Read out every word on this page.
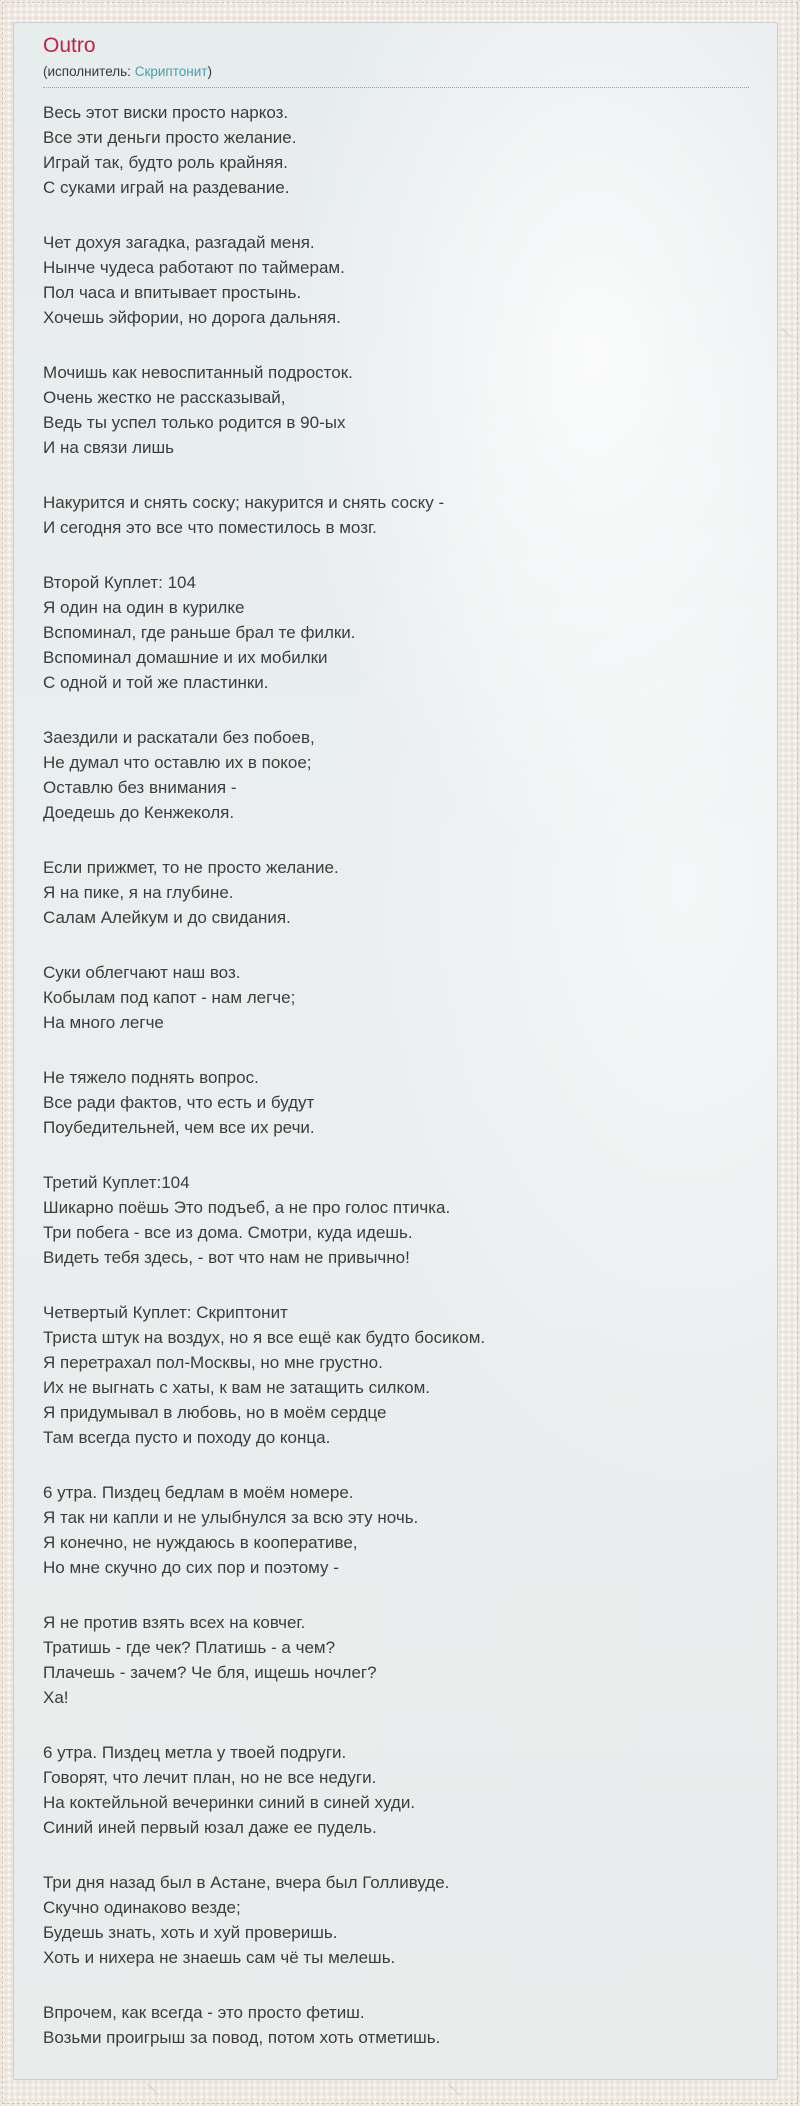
Outro
(исполнитель: Скриптонит)

Весь этот виски просто наркоз.
Все эти деньги просто желание.
Играй так, будто роль крайняя.
С суками играй на раздевание.

Чет дохуя загадка, разгадай меня.
Нынче чудеса работают по таймерам.
Пол часа и впитывает простынь.
Хочешь эйфории, но дорога дальняя.

Мочишь как невоспитанный подросток.
Очень жестко не рассказывай,
Ведь ты успел только родится в 90-ых
И на связи лишь

Накурится и снять соску; накурится и снять соску -
И сегодня это все что поместилось в мозг.

Второй Куплет: 104
Я один на один в курилке
Вспоминал, где раньше брал те филки.
Вспоминал домашние и их мобилки
С одной и той же пластинки.

Заездили и раскатали без побоев,
Не думал что оставлю их в покое;
Оставлю без внимания -
Доедешь до Кенжеколя.

Если прижмет, то не просто желание.
Я на пике, я на глубине.
Салам Алейкум и до свидания.

Суки облегчают наш воз.
Кобылам под капот - нам легче;
На много легче

Не тяжело поднять вопрос.
Все ради фактов, что есть и будут
Поубедительней, чем все их речи.

Третий Куплет:104
Шикарно поёшь Это подъеб, а не про голос птичка.
Три побега - все из дома. Смотри, куда идешь.
Видеть тебя здесь, - вот что нам не привычно!

Четвертый Куплет: Скриптонит
Триста штук на воздух, но я все ещё как будто босиком.
Я перетрахал пол-Москвы, но мне грустно.
Их не выгнать с хаты, к вам не затащить силком.
Я придумывал в любовь, но в моём сердце
Там всегда пусто и походу до конца.

6 утра. Пиздец бедлам в моём номере.
Я так ни капли и не улыбнулся за всю эту ночь.
Я конечно, не нуждаюсь в кооперативе,
Но мне скучно до сих пор и поэтому -

Я не против взять всех на ковчег.
Тратишь - где чек? Платишь - а чем?
Плачешь - зачем? Че бля, ищешь ночлег?
Ха!

6 утра. Пиздец метла у твоей подруги.
Говорят, что лечит план, но не все недуги.
На коктейльной вечеринки синий в синей худи.
Синий иней первый юзал даже ее пудель.

Три дня назад был в Астане, вчера был Голливуде.
Скучно одинаково везде;
Будешь знать, хоть и хуй проверишь.
Хоть и нихера не знаешь сам чё ты мелешь.

Впрочем, как всегда - это просто фетиш.
Возьми проигрыш за повод, потом хоть отметишь.
